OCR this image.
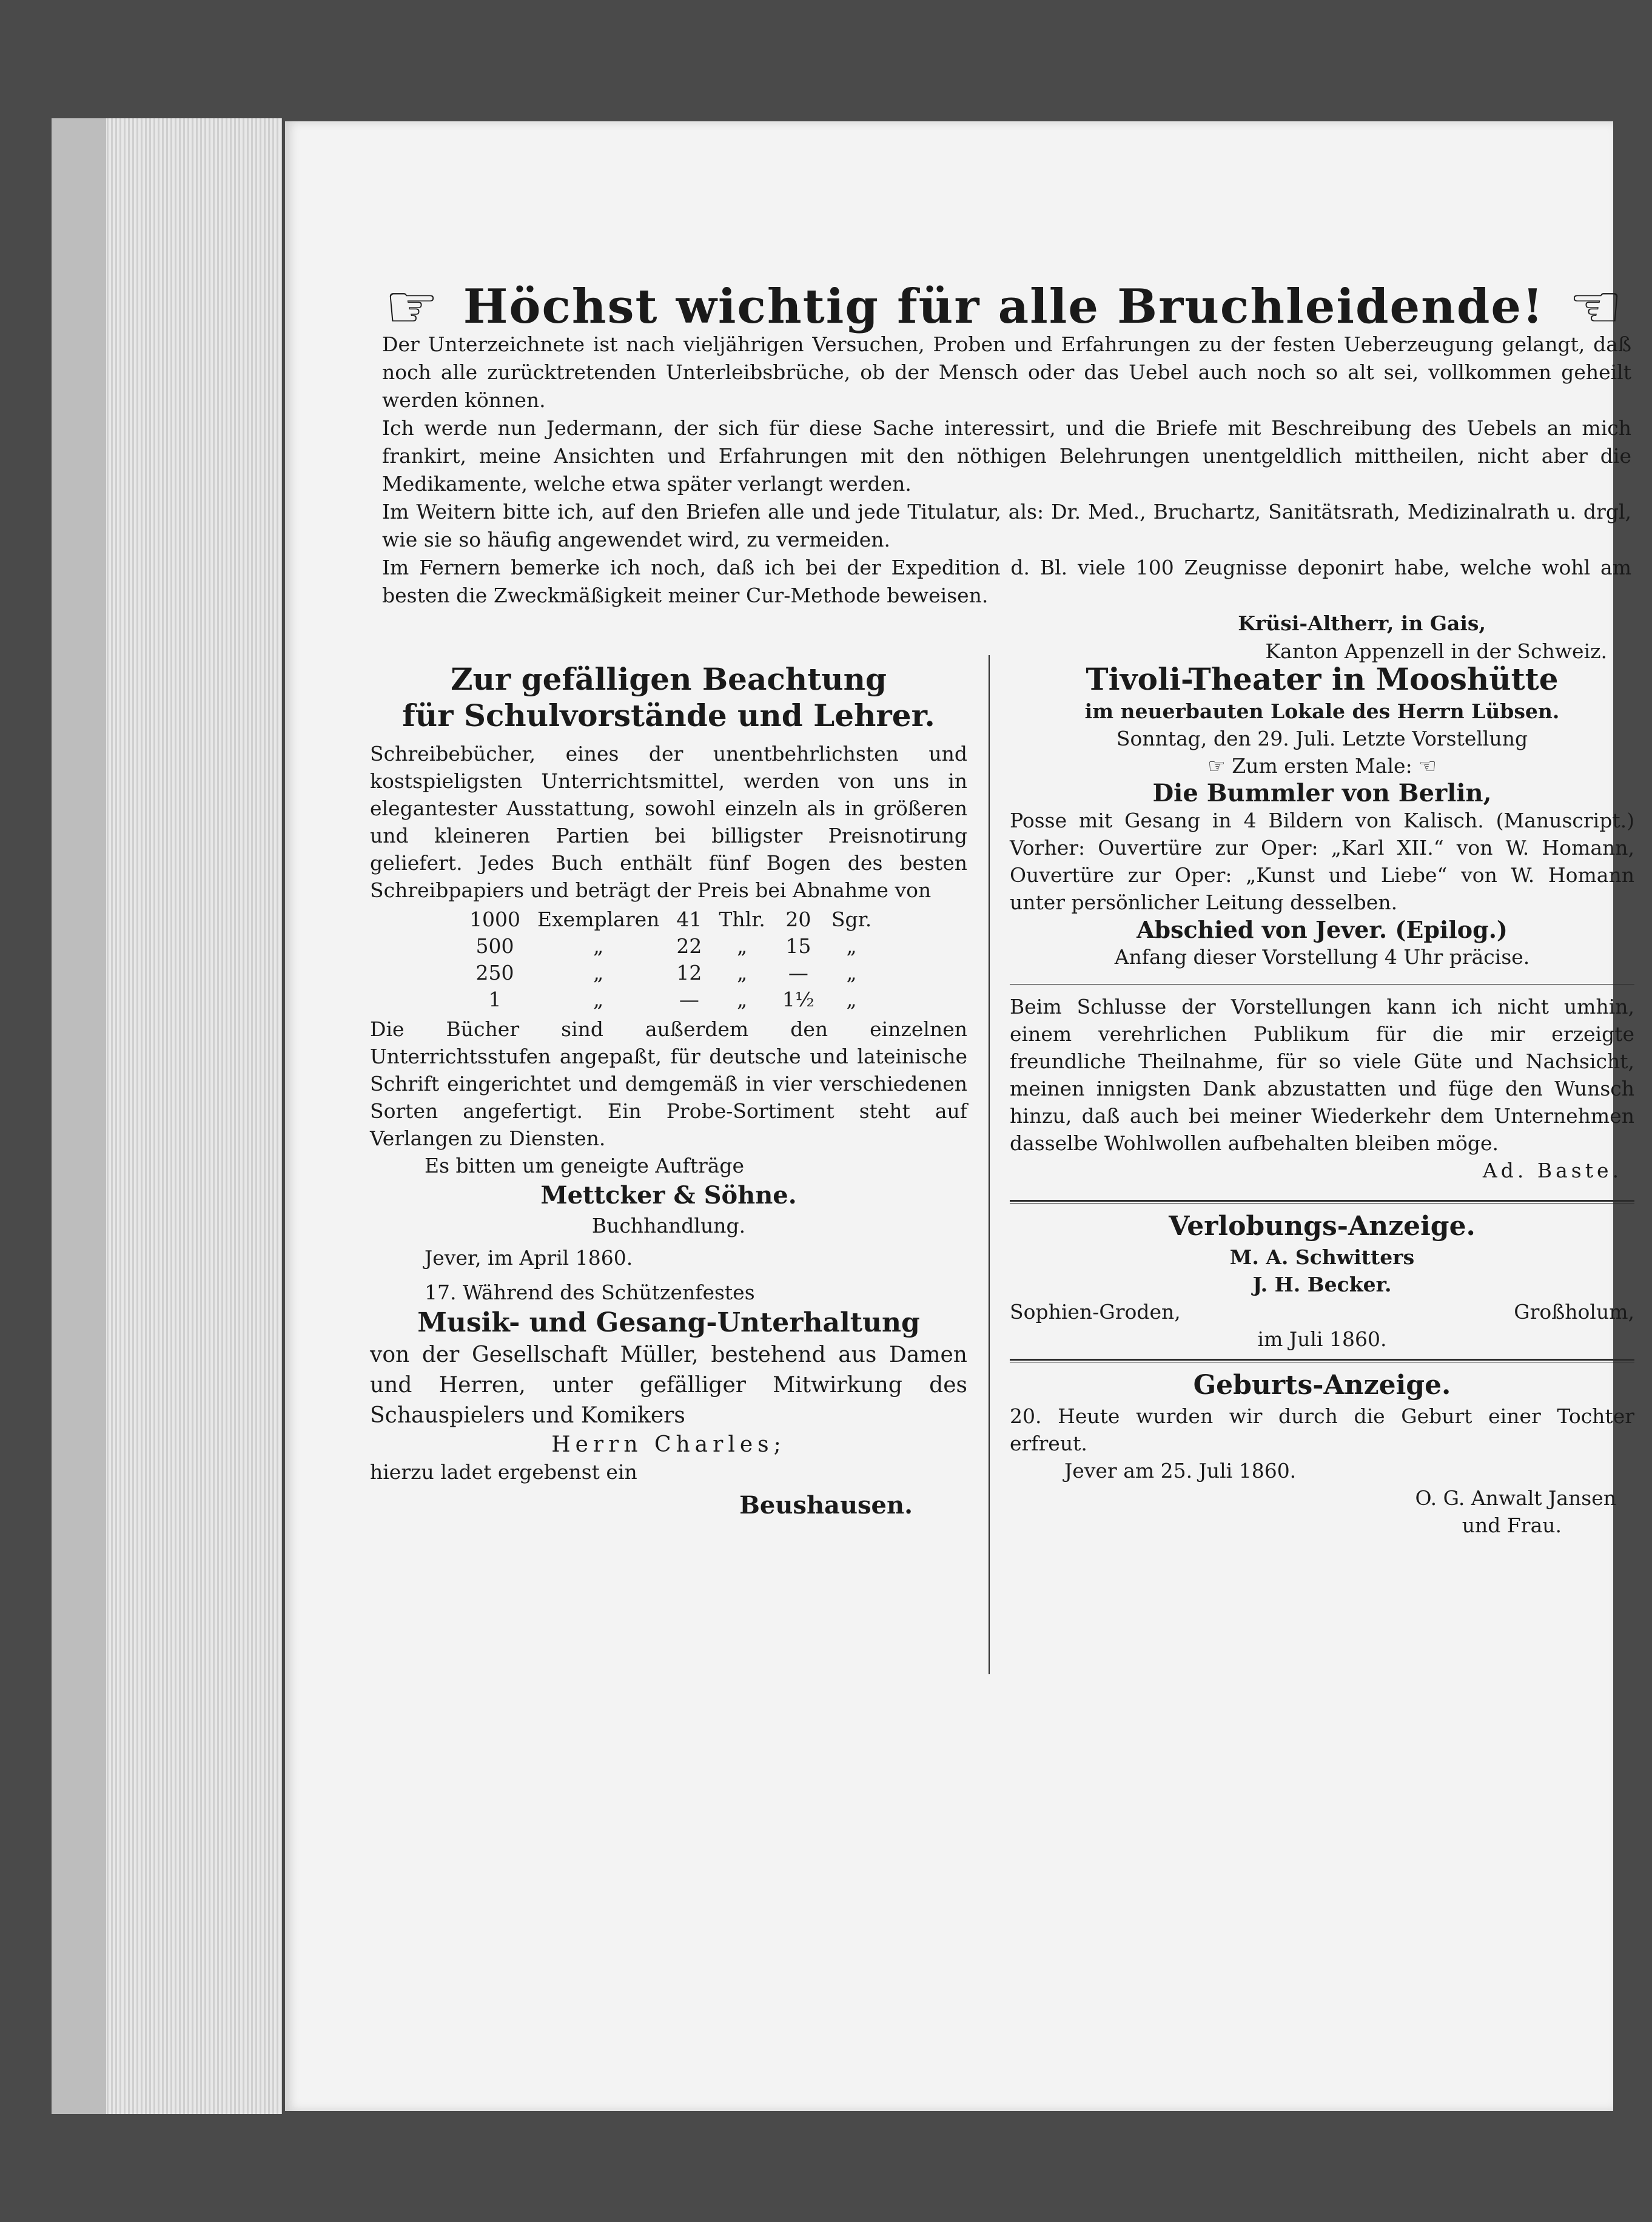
☞ Höchst wichtig für alle Bruchleidende! ☜

Der Unterzeichnete ist nach vieljährigen Versuchen, Proben und Erfahrungen zu der festen Ueberzeugung gelangt, daß noch alle zurücktretenden Unterleibsbrüche, ob der Mensch oder das Uebel auch noch so alt sei, vollkommen geheilt werden können.

Ich werde nun Jedermann, der sich für diese Sache interessirt, und die Briefe mit Beschreibung des Uebels an mich frankirt, meine Ansichten und Erfahrungen mit den nöthigen Belehrungen unentgeldlich mittheilen, nicht aber die Medikamente, welche etwa später verlangt werden.

Im Weitern bitte ich, auf den Briefen alle und jede Titulatur, als: Dr. Med., Bruchartz, Sanitätsrath, Medizinalrath u. drgl, wie sie so häufig angewendet wird, zu vermeiden.

Im Fernern bemerke ich noch, daß ich bei der Expedition d. Bl. viele 100 Zeugnisse deponirt habe, welche wohl am besten die Zweckmäßigkeit meiner Cur-Methode beweisen.

Krüsi-Altherr, in Gais,

Kanton Appenzell in der Schweiz.

Zur gefälligen Beachtung

für Schulvorstände und Lehrer.

Schreibebücher, eines der unentbehrlichsten und kostspieligsten Unterrichtsmittel, werden von uns in elegantester Ausstattung, sowohl einzeln als in größeren und kleineren Partien bei billigster Preisnotirung geliefert. Jedes Buch enthält fünf Bogen des besten Schreibpapiers und beträgt der Preis bei Abnahme von

1000	Exemplaren	41	Thlr.	20	Sgr.
500	„	22	„	15	„
250	„	12	„	—	„
1	„	—	„	1½	„

Die Bücher sind außerdem den einzelnen Unterrichtsstufen angepaßt, für deutsche und lateinische Schrift eingerichtet und demgemäß in vier verschiedenen Sorten angefertigt. Ein Probe-Sortiment steht auf Verlangen zu Diensten.

Es bitten um geneigte Aufträge

Mettcker & Söhne.

Buchhandlung.

Jever, im April 1860.

17. Während des Schützenfestes

Musik- und Gesang-Unterhaltung

von der Gesellschaft Müller, bestehend aus Damen und Herren, unter gefälliger Mitwirkung des Schauspielers und Komikers

Herrn Charles;

hierzu ladet ergebenst ein

Beushausen.

Tivoli-Theater in Mooshütte

im neuerbauten Lokale des Herrn Lübsen.

Sonntag, den 29. Juli. Letzte Vorstellung

☞ Zum ersten Male: ☜

Die Bummler von Berlin,

Posse mit Gesang in 4 Bildern von Kalisch. (Manuscript.) Vorher: Ouvertüre zur Oper: „Karl XII.“ von W. Homann, Ouvertüre zur Oper: „Kunst und Liebe“ von W. Homann unter persönlicher Leitung desselben.

Abschied von Jever. (Epilog.)

Anfang dieser Vorstellung 4 Uhr präcise.

Beim Schlusse der Vorstellungen kann ich nicht umhin, einem verehrlichen Publikum für die mir erzeigte freundliche Theilnahme, für so viele Güte und Nachsicht, meinen innigsten Dank abzustatten und füge den Wunsch hinzu, daß auch bei meiner Wiederkehr dem Unternehmen dasselbe Wohlwollen aufbehalten bleiben möge.

Ad. Baste.

Verlobungs-Anzeige.

M. A. Schwitters

J. H. Becker.

Sophien-Groden,	Großholum,

im Juli 1860.

Geburts-Anzeige.

20. Heute wurden wir durch die Geburt einer Tochter erfreut.

Jever am 25. Juli 1860.

O. G. Anwalt Jansen

und Frau.
